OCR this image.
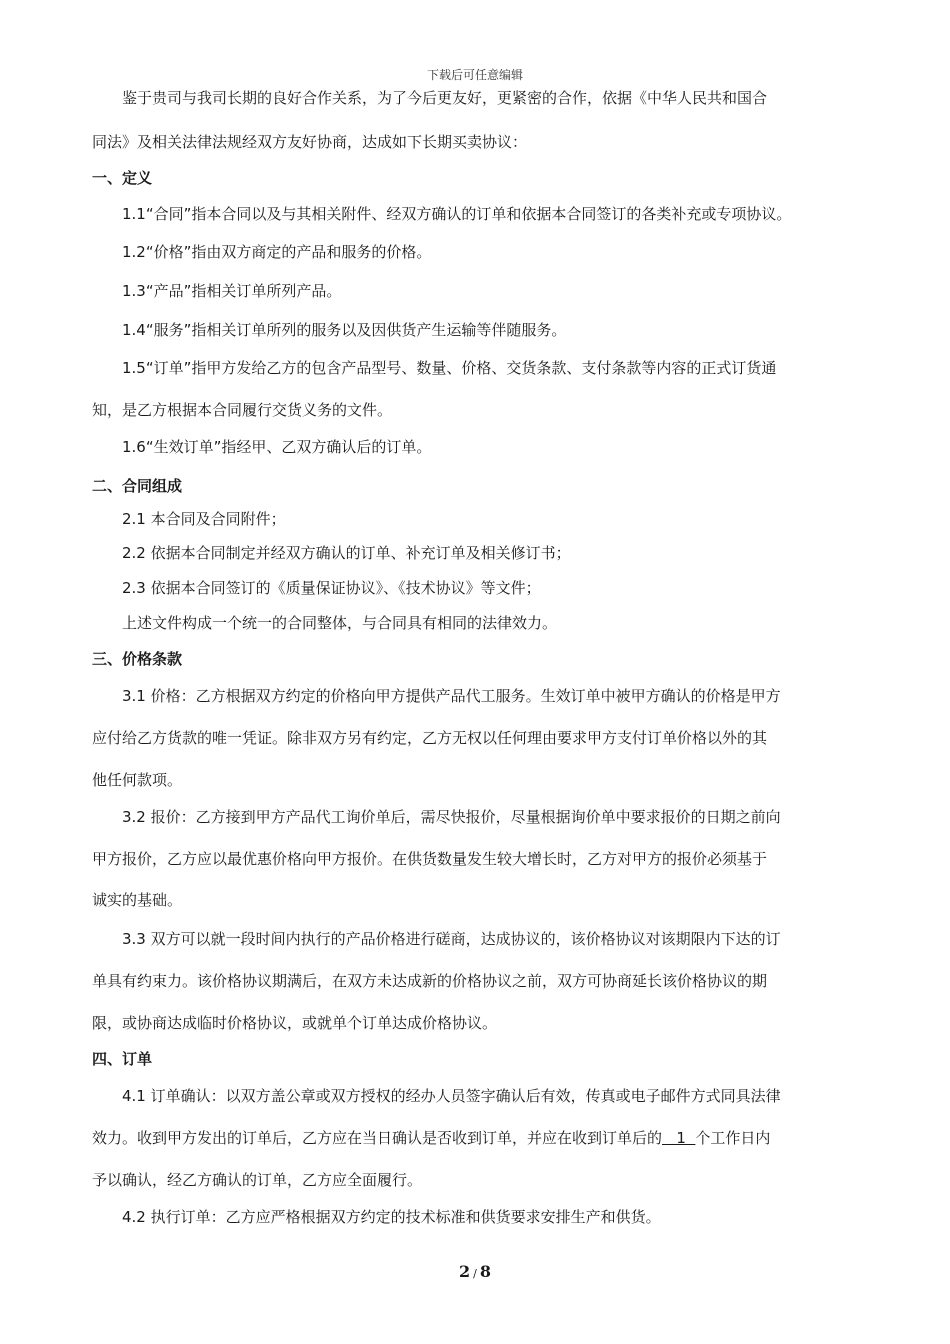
下载后可任意编辑
鉴于贵司与我司长期的良好合作关系，为了今后更友好，更紧密的合作，依据《中华人民共和国合
同法》及相关法律法规经双方友好协商，达成如下长期买卖协议：
一、定义
1.1“合同”指本合同以及与其相关附件、经双方确认的订单和依据本合同签订的各类补充或专项协议。
1.2“价格”指由双方商定的产品和服务的价格。
1.3“产品”指相关订单所列产品。
1.4“服务”指相关订单所列的服务以及因供货产生运输等伴随服务。
1.5“订单”指甲方发给乙方的包含产品型号、数量、价格、交货条款、支付条款等内容的正式订货通
知，是乙方根据本合同履行交货义务的文件。
1.6“生效订单”指经甲、乙双方确认后的订单。
二、合同组成
2.1 本合同及合同附件；
2.2 依据本合同制定并经双方确认的订单、补充订单及相关修订书；
2.3 依据本合同签订的《质量保证协议》、《技术协议》等文件；
上述文件构成一个统一的合同整体，与合同具有相同的法律效力。
三、价格条款
3.1 价格：乙方根据双方约定的价格向甲方提供产品代工服务。生效订单中被甲方确认的价格是甲方
应付给乙方货款的唯一凭证。除非双方另有约定，乙方无权以任何理由要求甲方支付订单价格以外的其
他任何款项。
3.2 报价：乙方接到甲方产品代工询价单后，需尽快报价，尽量根据询价单中要求报价的日期之前向
甲方报价，乙方应以最优惠价格向甲方报价。在供货数量发生较大增长时，乙方对甲方的报价必须基于
诚实的基础。
3.3 双方可以就一段时间内执行的产品价格进行磋商，达成协议的，该价格协议对该期限内下达的订
单具有约束力。该价格协议期满后，在双方未达成新的价格协议之前，双方可协商延长该价格协议的期
限，或协商达成临时价格协议，或就单个订单达成价格协议。
四、订单
4.1 订单确认：以双方盖公章或双方授权的经办人员签字确认后有效，传真或电子邮件方式同具法律
效力。收到甲方发出的订单后，乙方应在当日确认是否收到订单，并应在收到订单后的   1  个工作日内
予以确认，经乙方确认的订单，乙方应全面履行。
4.2 执行订单：乙方应严格根据双方约定的技术标准和供货要求安排生产和供货。
2 / 8
